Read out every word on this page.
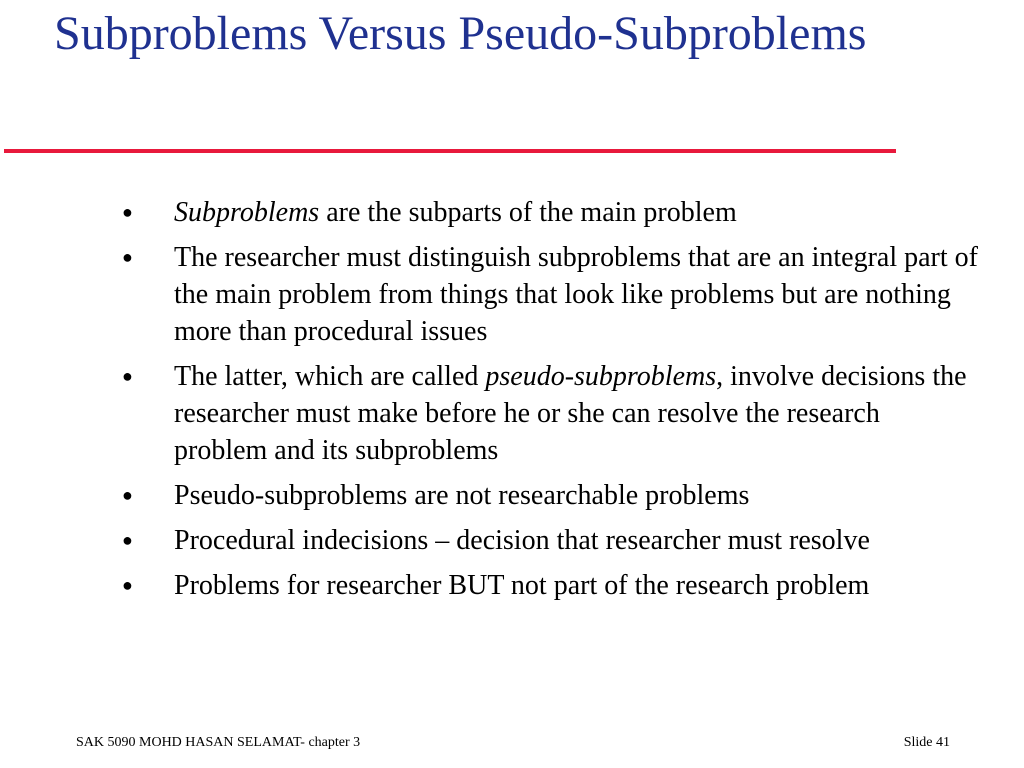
Subproblems Versus Pseudo-Subproblems
● Subproblems are the subparts of the main problem
● The researcher must distinguish subproblems that are an integral part of the main problem from things that look like problems but are nothing more than procedural issues
● The latter, which are called pseudo-subproblems, involve decisions the researcher must make before he or she can resolve the research problem and its subproblems
● Pseudo-subproblems are not researchable problems
● Procedural indecisions – decision that researcher must resolve
● Problems for researcher BUT not part of the research problem
SAK 5090 MOHD HASAN SELAMAT- chapter 3	Slide 41
